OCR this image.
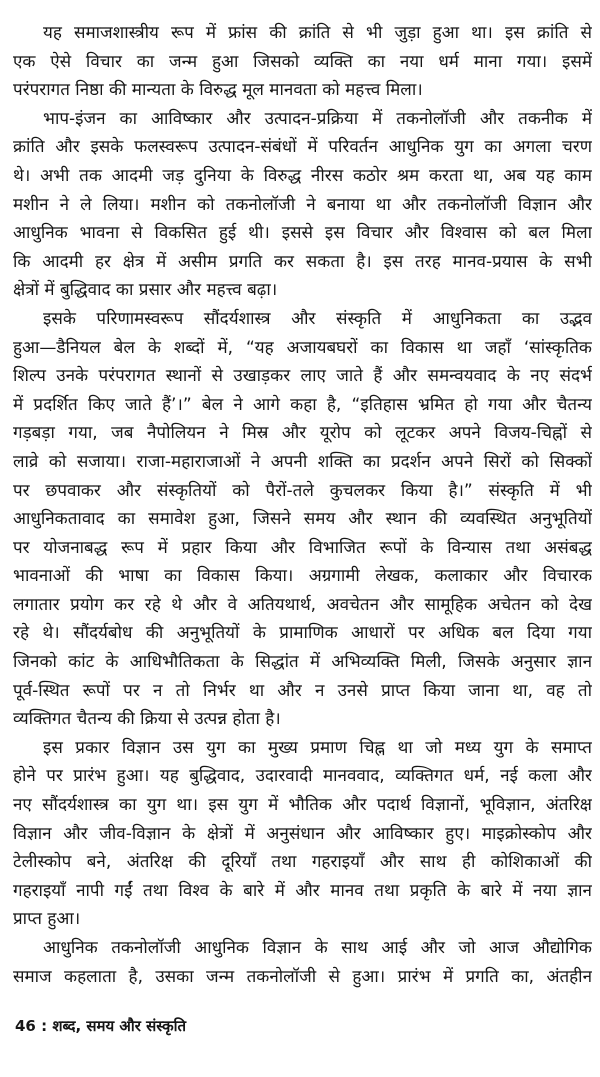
यह समाजशास्त्रीय रूप में फ्रांस की क्रांति से भी जुड़ा हुआ था। इस क्रांति से
एक ऐसे विचार का जन्म हुआ जिसको व्यक्ति का नया धर्म माना गया। इसमें
परंपरागत निष्ठा की मान्यता के विरुद्ध मूल मानवता को महत्त्व मिला।
भाप-इंजन का आविष्कार और उत्पादन-प्रक्रिया में तकनोलॉजी और तकनीक में
क्रांति और इसके फलस्वरूप उत्पादन-संबंधों में परिवर्तन आधुनिक युग का अगला चरण
थे। अभी तक आदमी जड़ दुनिया के विरुद्ध नीरस कठोर श्रम करता था, अब यह काम
मशीन ने ले लिया। मशीन को तकनोलॉजी ने बनाया था और तकनोलॉजी विज्ञान और
आधुनिक भावना से विकसित हुई थी। इससे इस विचार और विश्वास को बल मिला
कि आदमी हर क्षेत्र में असीम प्रगति कर सकता है। इस तरह मानव-प्रयास के सभी
क्षेत्रों में बुद्धिवाद का प्रसार और महत्त्व बढ़ा।
इसके परिणामस्वरूप सौंदर्यशास्त्र और संस्कृति में आधुनिकता का उद्भव
हुआ—डैनियल बेल के शब्दों में, “यह अजायबघरों का विकास था जहाँ ‘सांस्कृतिक
शिल्प उनके परंपरागत स्थानों से उखाड़कर लाए जाते हैं और समन्वयवाद के नए संदर्भ
में प्रदर्शित किए जाते हैं’।” बेल ने आगे कहा है, “इतिहास भ्रमित हो गया और चैतन्य
गड़बड़ा गया, जब नैपोलियन ने मिस्र और यूरोप को लूटकर अपने विजय-चिह्नों से
लाव्रे को सजाया। राजा-महाराजाओं ने अपनी शक्ति का प्रदर्शन अपने सिरों को सिक्कों
पर छपवाकर और संस्कृतियों को पैरों-तले कुचलकर किया है।” संस्कृति में भी
आधुनिकतावाद का समावेश हुआ, जिसने समय और स्थान की व्यवस्थित अनुभूतियों
पर योजनाबद्ध रूप में प्रहार किया और विभाजित रूपों के विन्यास तथा असंबद्ध
भावनाओं की भाषा का विकास किया। अग्रगामी लेखक, कलाकार और विचारक
लगातार प्रयोग कर रहे थे और वे अतियथार्थ, अवचेतन और सामूहिक अचेतन को देख
रहे थे। सौंदर्यबोध की अनुभूतियों के प्रामाणिक आधारों पर अधिक बल दिया गया
जिनको कांट के आधिभौतिकता के सिद्धांत में अभिव्यक्ति मिली, जिसके अनुसार ज्ञान
पूर्व-स्थित रूपों पर न तो निर्भर था और न उनसे प्राप्त किया जाना था, वह तो
व्यक्तिगत चैतन्य की क्रिया से उत्पन्न होता है।
इस प्रकार विज्ञान उस युग का मुख्य प्रमाण चिह्न था जो मध्य युग के समाप्त
होने पर प्रारंभ हुआ। यह बुद्धिवाद, उदारवादी मानववाद, व्यक्तिगत धर्म, नई कला और
नए सौंदर्यशास्त्र का युग था। इस युग में भौतिक और पदार्थ विज्ञानों, भूविज्ञान, अंतरिक्ष
विज्ञान और जीव-विज्ञान के क्षेत्रों में अनुसंधान और आविष्कार हुए। माइक्रोस्कोप और
टेलीस्कोप बने, अंतरिक्ष की दूरियाँ तथा गहराइयाँ और साथ ही कोशिकाओं की
गहराइयाँ नापी गईं तथा विश्व के बारे में और मानव तथा प्रकृति के बारे में नया ज्ञान
प्राप्त हुआ।
आधुनिक तकनोलॉजी आधुनिक विज्ञान के साथ आई और जो आज औद्योगिक
समाज कहलाता है, उसका जन्म तकनोलॉजी से हुआ। प्रारंभ में प्रगति का, अंतहीन
46 : शब्द, समय और संस्कृति
